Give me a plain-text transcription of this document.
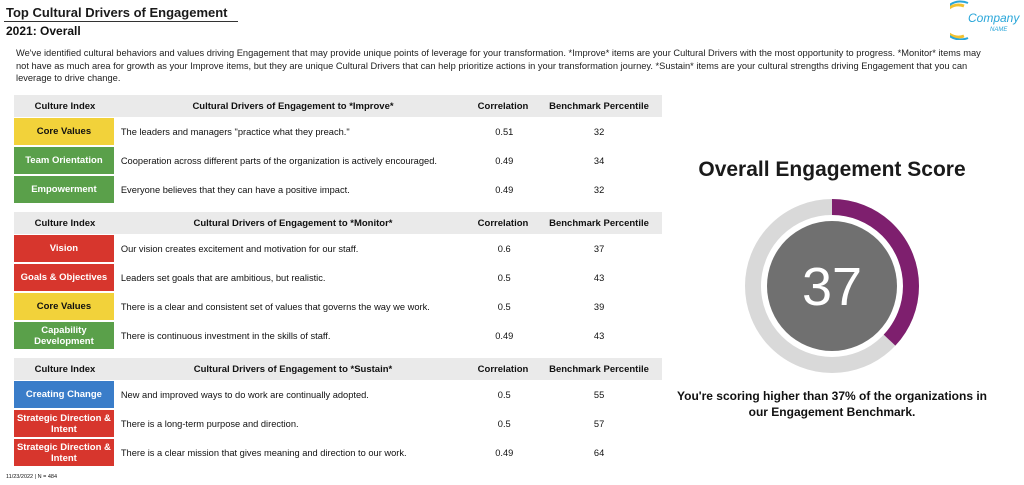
Top Cultural Drivers of Engagement
2021: Overall
Company
NAME
We've identified cultural behaviors and values driving Engagement that may provide unique points of leverage for your transformation. *Improve* items are your Cultural Drivers with the most opportunity to progress. *Monitor* items may not have as much area for growth as your Improve items, but they are unique Cultural Drivers that can help prioritize actions in your transformation journey. *Sustain* items are your cultural strengths driving Engagement that you can leverage to drive change.
Culture Index	Cultural Drivers of Engagement to *Improve*	Correlation	Benchmark Percentile
Core Values	The leaders and managers "practice what they preach."	0.51	32
Team Orientation	Cooperation across different parts of the organization is actively encouraged.	0.49	34
Empowerment	Everyone believes that they can have a positive impact.	0.49	32
Culture Index	Cultural Drivers of Engagement to *Monitor*	Correlation	Benchmark Percentile
Vision	Our vision creates excitement and motivation for our staff.	0.6	37
Goals & Objectives	Leaders set goals that are ambitious, but realistic.	0.5	43
Core Values	There is a clear and consistent set of values that governs the way we work.	0.5	39
Capability Development	There is continuous investment in the skills of staff.	0.49	43
Culture Index	Cultural Drivers of Engagement to *Sustain*	Correlation	Benchmark Percentile
Creating Change	New and improved ways to do work are continually adopted.	0.5	55
Strategic Direction & Intent	There is a long-term purpose and direction.	0.5	57
Strategic Direction & Intent	There is a clear mission that gives meaning and direction to our work.	0.49	64
Overall Engagement Score
37
You're scoring higher than 37% of the organizations in our Engagement Benchmark.
11/23/2022 | N = 484
